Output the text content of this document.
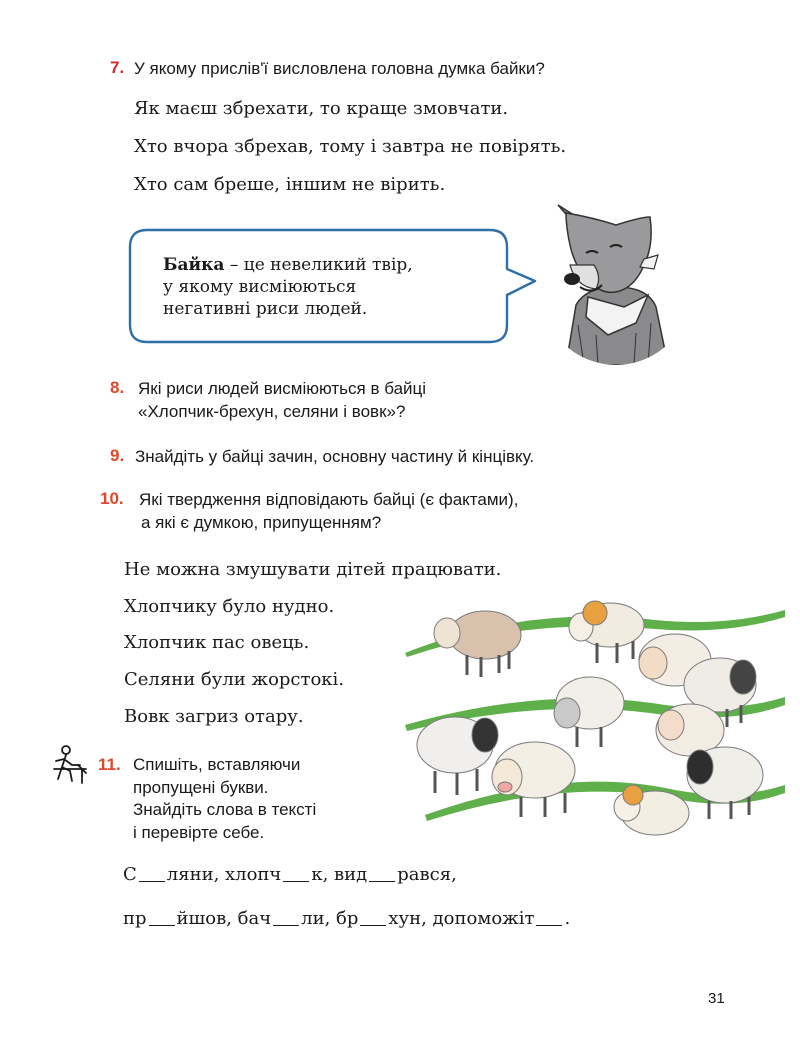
7. У якому прислів'ї висловлена головна думка байки?
Як маєш збрехати, то краще змовчати.
Хто вчора збрехав, тому і завтра не повірять.
Хто сам бреше, іншим не вірить.
Байка – це невеликий твір,
у якому висміюються
негативні риси людей.
8. Які риси людей висміюються в байці
«Хлопчик-брехун, селяни і вовк»?
9. Знайдіть у байці зачин, основну частину й кінцівку.
10. Які твердження відповідають байці (є фактами),
а які є думкою, припущенням?
Не можна змушувати дітей працювати.
Хлопчику було нудно.
Хлопчик пас овець.
Селяни були жорстокі.
Вовк загриз отару.
11. Спишіть, вставляючи
пропущені букви.
Знайдіть слова в тексті
і перевірте себе.
С ляни, хлопч к, вид рався,
пр йшов, бач ли, бр хун, допоможіт .
31
